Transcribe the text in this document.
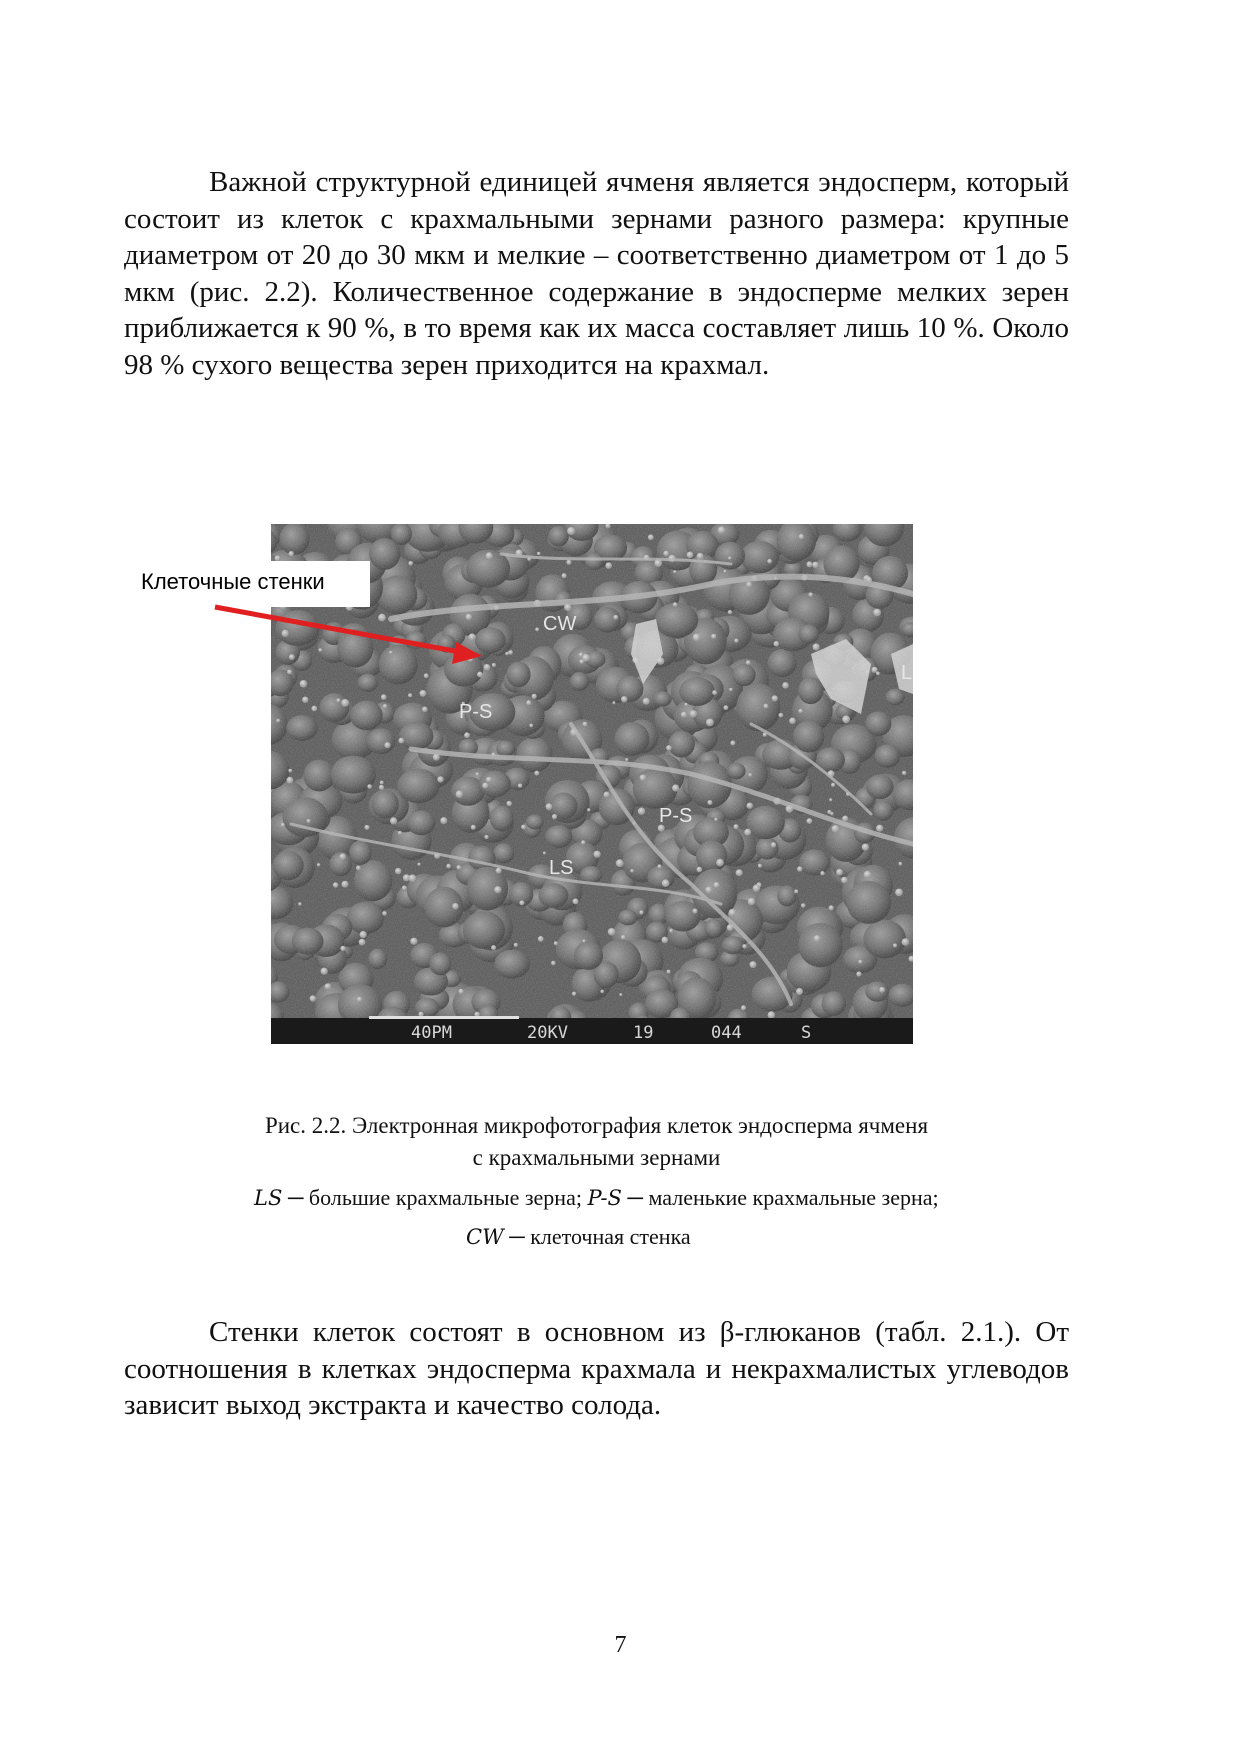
Важной структурной единицей ячменя является эндосперм, который состоит из клеток с крахмальными зернами разного размера: крупные диаметром от 20 до 30 мкм и мелкие – соответственно диаметром от 1 до 5 мкм (рис. 2.2). Количественное содержание в эндосперме мелких зерен приближается к 90 %, в то время как их масса составляет лишь 10 %. Около 98 % сухого вещества зерен приходится на крахмал.

CW
P-S
P-S
LS
L
40ΡΜ	20KV	19	044	S
Клеточные стенки
Рис. 2.2. Электронная микрофотография клеток эндосперма ячменя
с крахмальными зернами
LS ─ большие крахмальные зерна; P-S ─ маленькие крахмальные зерна;
CW ─ клеточная стенка

Стенки клеток состоят в основном из β-глюканов (табл. 2.1.). От соотношения в клетках эндосперма крахмала и некрахмалистых углеводов зависит выход экстракта и качество солода.

7
